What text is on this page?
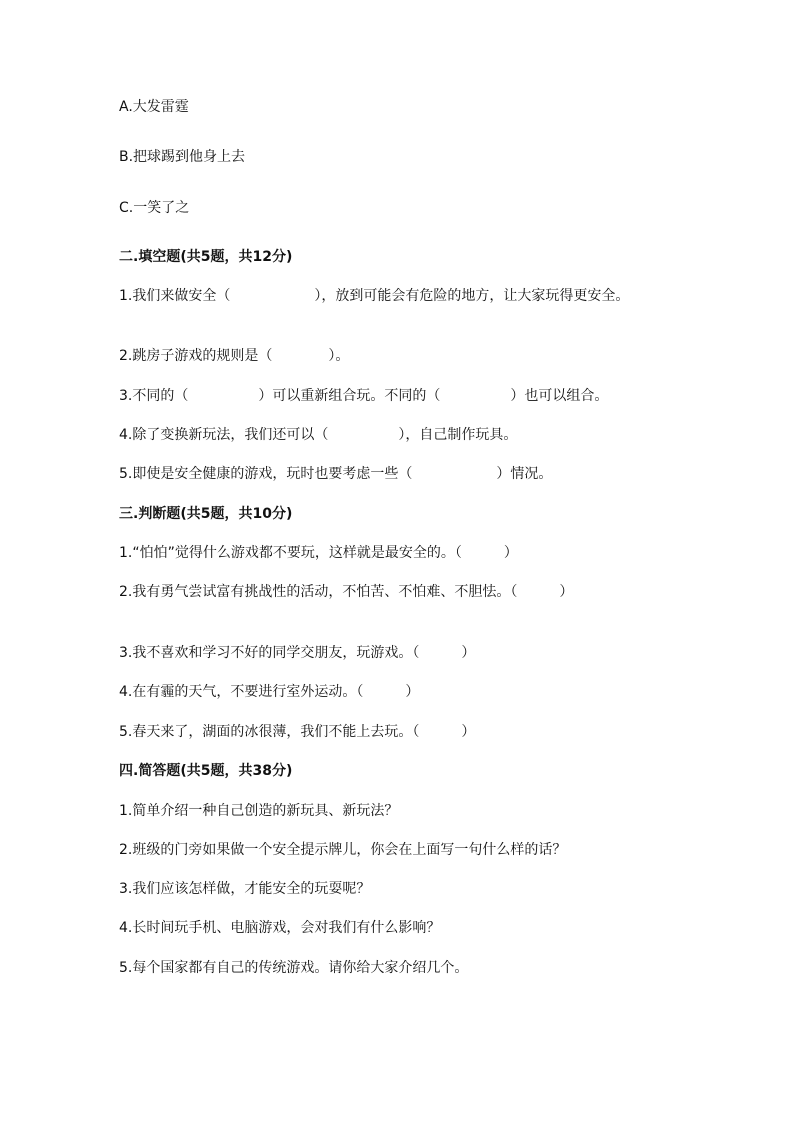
A.大发雷霆
B.把球踢到他身上去
C.一笑了之
二.填空题(共5题，共12分)
1.我们来做安全（　　　　　　），放到可能会有危险的地方，让大家玩得更安全。
2.跳房子游戏的规则是（　　　　）。
3.不同的（　　　　　）可以重新组合玩。不同的（　　　　　）也可以组合。
4.除了变换新玩法，我们还可以（　　　　　），自己制作玩具。
5.即使是安全健康的游戏，玩时也要考虑一些（　　　　　　）情况。
三.判断题(共5题，共10分)
1.“怕怕”觉得什么游戏都不要玩，这样就是最安全的。（　　　）
2.我有勇气尝试富有挑战性的活动，不怕苦、不怕难、不胆怯。（　　　）
3.我不喜欢和学习不好的同学交朋友，玩游戏。（　　　）
4.在有霾的天气，不要进行室外运动。（　　　）
5.春天来了，湖面的冰很薄，我们不能上去玩。（　　　）
四.简答题(共5题，共38分)
1.简单介绍一种自己创造的新玩具、新玩法？
2.班级的门旁如果做一个安全提示牌儿，你会在上面写一句什么样的话？
3.我们应该怎样做，才能安全的玩耍呢？
4.长时间玩手机、电脑游戏，会对我们有什么影响？
5.每个国家都有自己的传统游戏。请你给大家介绍几个。
